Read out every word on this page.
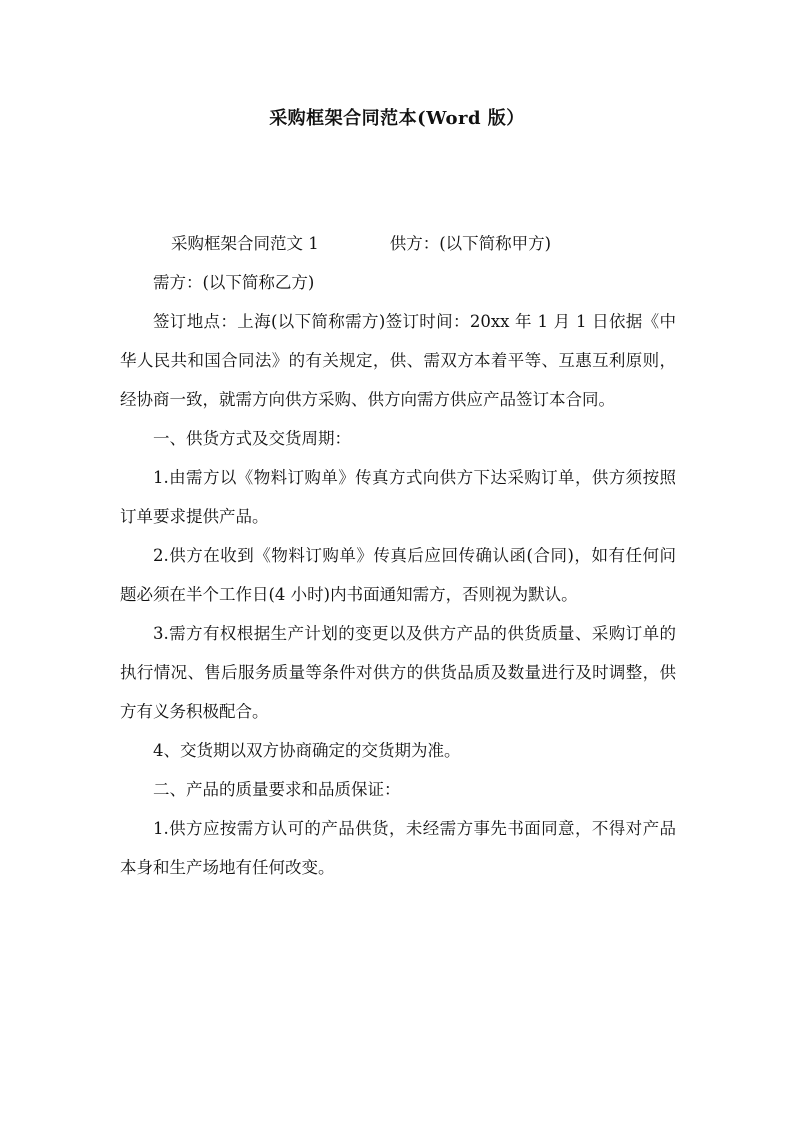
采购框架合同范本(Word 版）

采购框架合同范文 1	供方：(以下简称甲方)

需方：(以下简称乙方)

签订地点：上海(以下简称需方)签订时间：20xx 年 1 月 1 日依据《中华人民共和国合同法》的有关规定，供、需双方本着平等、互惠互利原则，经协商一致，就需方向供方采购、供方向需方供应产品签订本合同。

一、供货方式及交货周期：

1.由需方以《物料订购单》传真方式向供方下达采购订单，供方须按照订单要求提供产品。

2.供方在收到《物料订购单》传真后应回传确认函(合同)，如有任何问题必须在半个工作日(4 小时)内书面通知需方，否则视为默认。

3.需方有权根据生产计划的变更以及供方产品的供货质量、采购订单的执行情况、售后服务质量等条件对供方的供货品质及数量进行及时调整，供方有义务积极配合。

4、交货期以双方协商确定的交货期为准。

二、产品的质量要求和品质保证：

1.供方应按需方认可的产品供货，未经需方事先书面同意，不得对产品本身和生产场地有任何改变。
